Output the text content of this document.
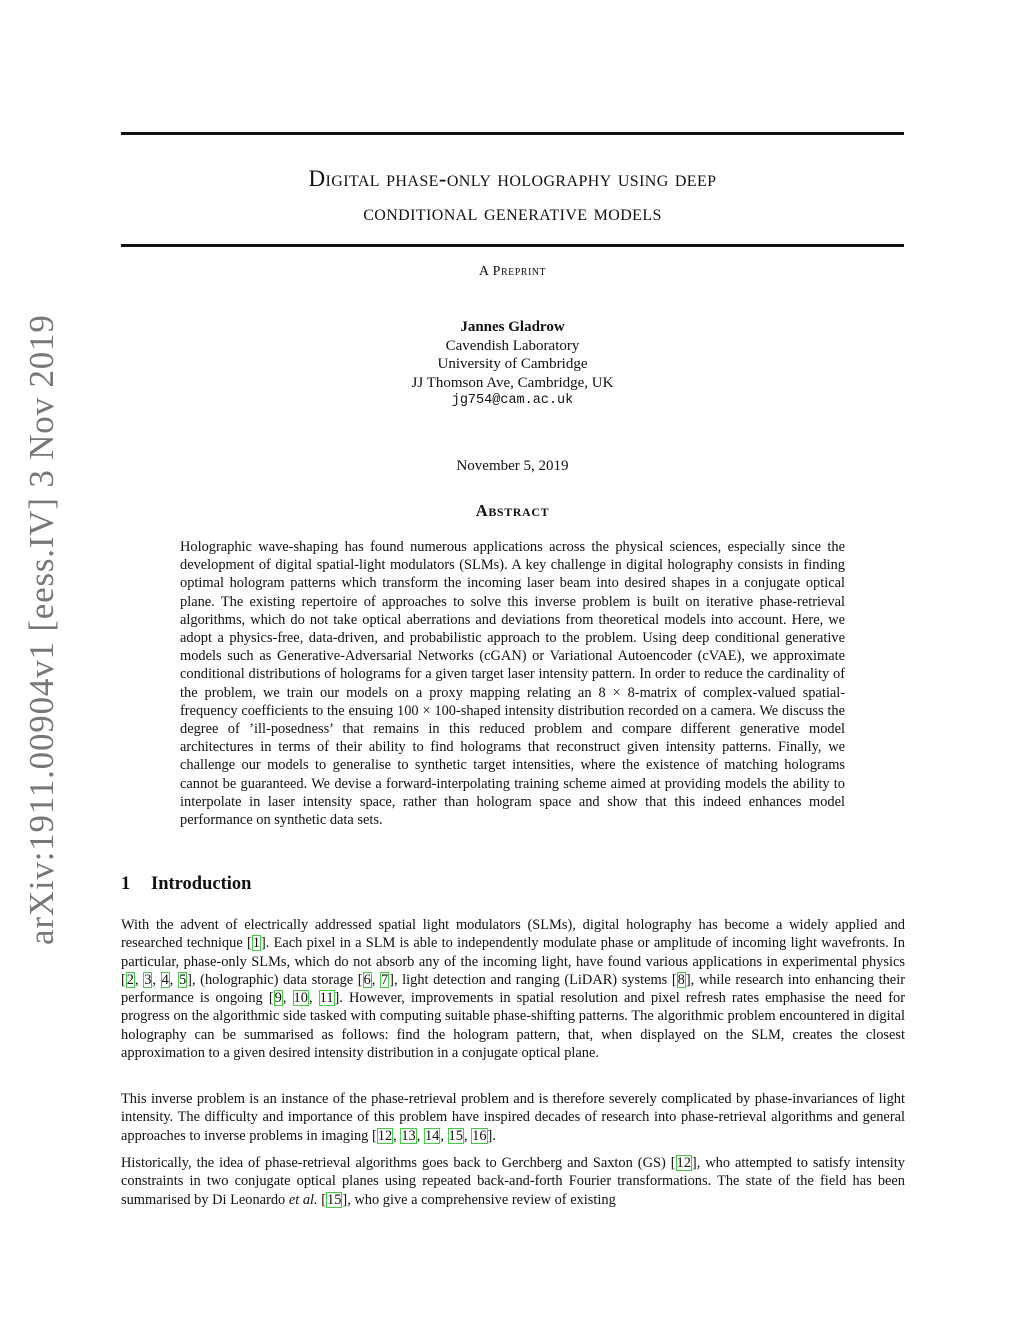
arXiv:1911.00904v1 [eess.IV] 3 Nov 2019
Digital phase-only holography using deep
conditional generative models
A Preprint
Jannes Gladrow
Cavendish Laboratory
University of Cambridge
JJ Thomson Ave, Cambridge, UK
jg754@cam.ac.uk
November 5, 2019
Abstract
Holographic wave-shaping has found numerous applications across the physical sciences, especially since the development of digital spatial-light modulators (SLMs). A key challenge in digital holography consists in finding optimal hologram patterns which transform the incoming laser beam into desired shapes in a conjugate optical plane. The existing repertoire of approaches to solve this inverse problem is built on iterative phase-retrieval algorithms, which do not take optical aberrations and deviations from theoretical models into account. Here, we adopt a physics-free, data-driven, and probabilistic approach to the problem. Using deep conditional generative models such as Generative-Adversarial Networks (cGAN) or Variational Autoencoder (cVAE), we approximate conditional distributions of holograms for a given target laser intensity pattern. In order to reduce the cardinality of the problem, we train our models on a proxy mapping relating an 8 × 8-matrix of complex-valued spatial-frequency coefficients to the ensuing 100 × 100-shaped intensity distribution recorded on a camera. We discuss the degree of ’ill-posedness’ that remains in this reduced problem and compare different generative model architectures in terms of their ability to find holograms that reconstruct given intensity patterns. Finally, we challenge our models to generalise to synthetic target intensities, where the existence of matching holograms cannot be guaranteed. We devise a forward-interpolating training scheme aimed at providing models the ability to interpolate in laser intensity space, rather than hologram space and show that this indeed enhances model performance on synthetic data sets.
1 Introduction

With the advent of electrically addressed spatial light modulators (SLMs), digital holography has become a widely applied and researched technique [1]. Each pixel in a SLM is able to independently modulate phase or amplitude of incoming light wavefronts. In particular, phase-only SLMs, which do not absorb any of the incoming light, have found various applications in experimental physics [2, 3, 4, 5], (holographic) data storage [6, 7], light detection and ranging (LiDAR) systems [8], while research into enhancing their performance is ongoing [9, 10, 11]. However, improvements in spatial resolution and pixel refresh rates emphasise the need for progress on the algorithmic side tasked with computing suitable phase-shifting patterns. The algorithmic problem encountered in digital holography can be summarised as follows: find the hologram pattern, that, when displayed on the SLM, creates the closest approximation to a given desired intensity distribution in a conjugate optical plane.

This inverse problem is an instance of the phase-retrieval problem and is therefore severely complicated by phase-invariances of light intensity. The difficulty and importance of this problem have inspired decades of research into phase-retrieval algorithms and general approaches to inverse problems in imaging [12, 13, 14, 15, 16].

Historically, the idea of phase-retrieval algorithms goes back to Gerchberg and Saxton (GS) [12], who attempted to satisfy intensity constraints in two conjugate optical planes using repeated back-and-forth Fourier transformations. The state of the field has been summarised by Di Leonardo et al. [15], who give a comprehensive review of existing
